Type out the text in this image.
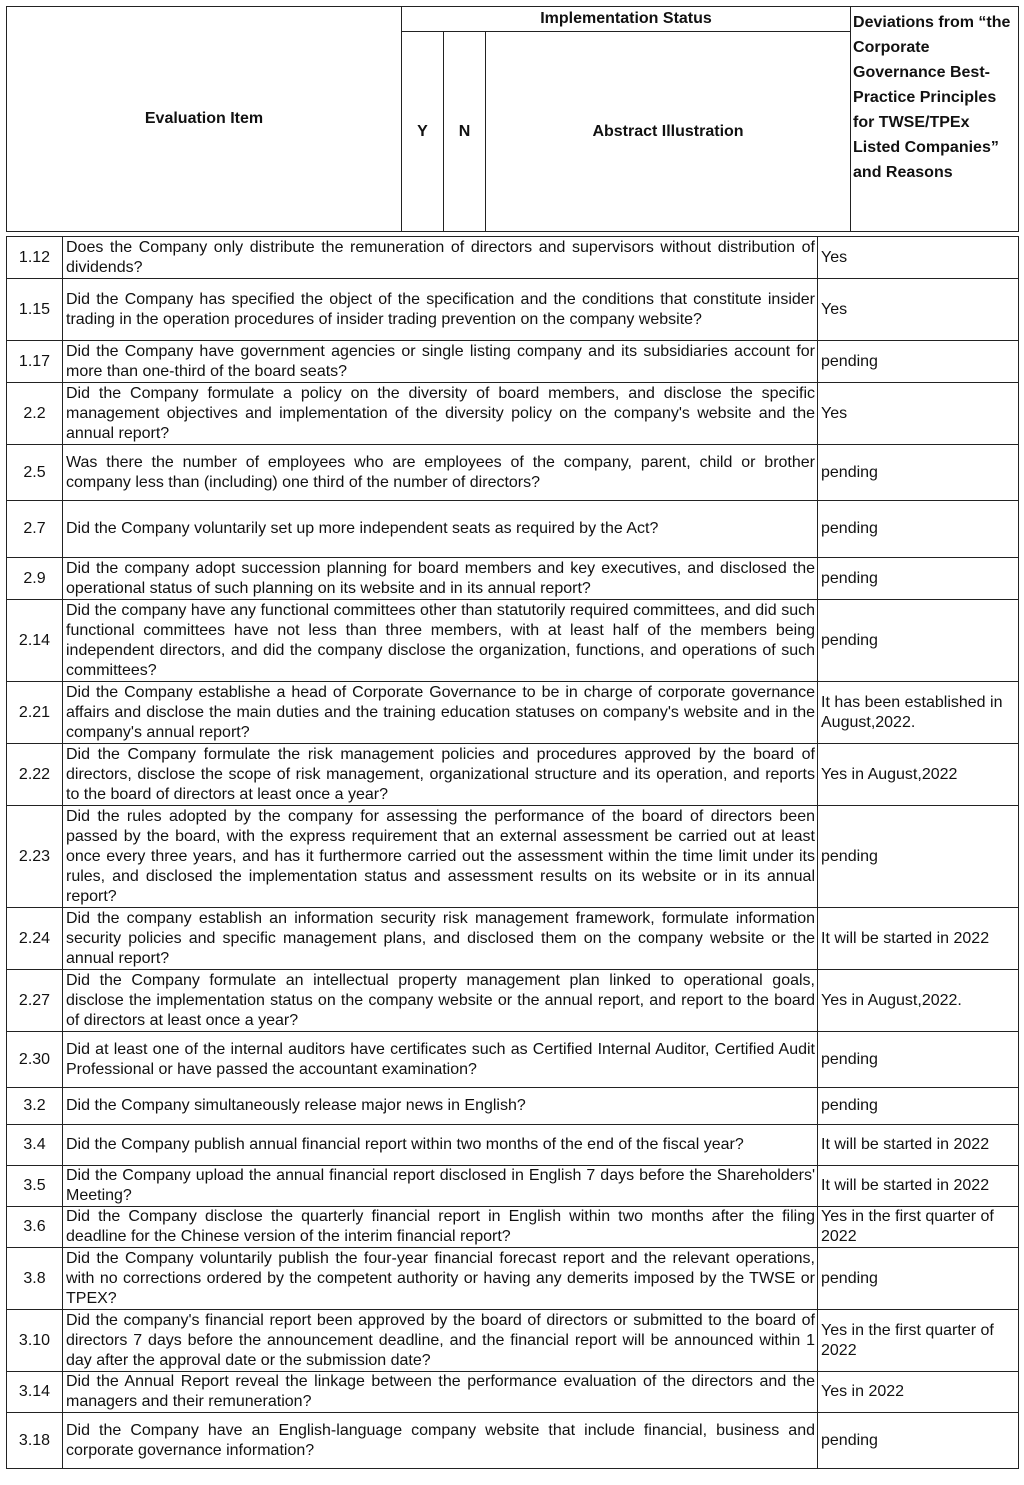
Evaluation Item	Implementation Status			Deviations from “the Corporate Governance Best-Practice Principles for TWSE/TPEx Listed Companies” and Reasons
	Y	N	Abstract Illustration	
1.12	Does the Company only distribute the remuneration of directors and supervisors without distribution of dividends?	Yes
1.15	Did the Company has specified the object of the specification and the conditions that constitute insider trading in the operation procedures of insider trading prevention on the company website?	Yes
1.17	Did the Company have government agencies or single listing company and its subsidiaries account for more than one-third of the board seats?	pending
2.2	Did the Company formulate a policy on the diversity of board members, and disclose the specific management objectives and implementation of the diversity policy on the company's website and the annual report?	Yes
2.5	Was there the number of employees who are employees of the company, parent, child or brother company less than (including) one third of the number of directors?	pending
2.7	Did the Company voluntarily set up more independent seats as required by the Act?	pending
2.9	Did the company adopt succession planning for board members and key executives, and disclosed the operational status of such planning on its website and in its annual report?	pending
2.14	Did the company have any functional committees other than statutorily required committees, and did such functional committees have not less than three members, with at least half of the members being independent directors, and did the company disclose the organization, functions, and operations of such committees?	pending
2.21	Did the Company establishe a head of Corporate Governance to be in charge of corporate governance affairs and disclose the main duties and the training education statuses on company's website and in the company's annual report?	It has been established in August,2022.
2.22	Did the Company formulate the risk management policies and procedures approved by the board of directors, disclose the scope of risk management, organizational structure and its operation, and reports to the board of directors at least once a year?	Yes in August,2022
2.23	Did the rules adopted by the company for assessing the performance of the board of directors been passed by the board, with the express requirement that an external assessment be carried out at least once every three years, and has it furthermore carried out the assessment within the time limit under its rules, and disclosed the implementation status and assessment results on its website or in its annual report?	pending
2.24	Did the company establish an information security risk management framework, formulate information security policies and specific management plans, and disclosed them on the company website or the annual report?	It will be started in 2022
2.27	Did the Company formulate an intellectual property management plan linked to operational goals, disclose the implementation status on the company website or the annual report, and report to the board of directors at least once a year?	Yes in August,2022.
2.30	Did at least one of the internal auditors have certificates such as Certified Internal Auditor, Certified Audit Professional or have passed the accountant examination?	pending
3.2	Did the Company simultaneously release major news in English?	pending
3.4	Did the Company publish annual financial report within two months of the end of the fiscal year?	It will be started in 2022
3.5	Did the Company upload the annual financial report disclosed in English 7 days before the Shareholders' Meeting?	It will be started in 2022
3.6	Did the Company disclose the quarterly financial report in English within two months after the filing deadline for the Chinese version of the interim financial report?	Yes in the first quarter of 2022
3.8	Did the Company voluntarily publish the four-year financial forecast report and the relevant operations, with no corrections ordered by the competent authority or having any demerits imposed by the TWSE or TPEX?	pending
3.10	Did the company's financial report been approved by the board of directors or submitted to the board of directors 7 days before the announcement deadline, and the financial report will be announced within 1 day after the approval date or the submission date?	Yes in the first quarter of 2022
3.14	Did the Annual Report reveal the linkage between the performance evaluation of the directors and the managers and their remuneration?	Yes in 2022
3.18	Did the Company have an English-language company website that include financial, business and corporate governance information?	pending
